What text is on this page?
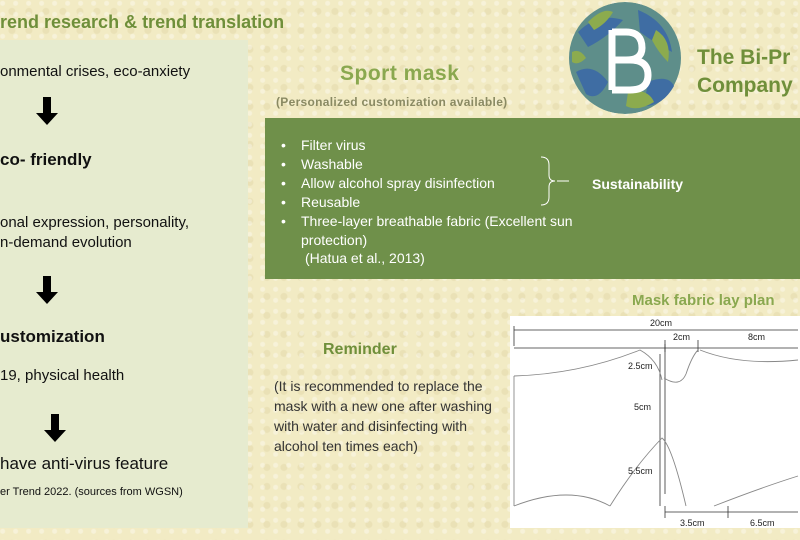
rend research & trend translation
onmental crises, eco-anxiety
co- friendly
onal expression, personality,
n-demand evolution
ustomization
19, physical health
have anti-virus feature
er Trend 2022. (sources from WGSN)
The Bi-Pr
Company
Sport mask
(Personalized customization available)
• Filter virus
• Washable
• Allow alcohol spray disinfection
• Reusable
• Three-layer breathable fabric (Excellent sun protection)
(Hatua et al., 2013)
Sustainability
Mask fabric lay plan
Reminder
(It is recommended to replace the mask with a new one after washing with water and disinfecting with alcohol ten times each)
20cm
2cm	8cm
2.5cm
5cm
5.5cm
3.5cm	6.5cm
